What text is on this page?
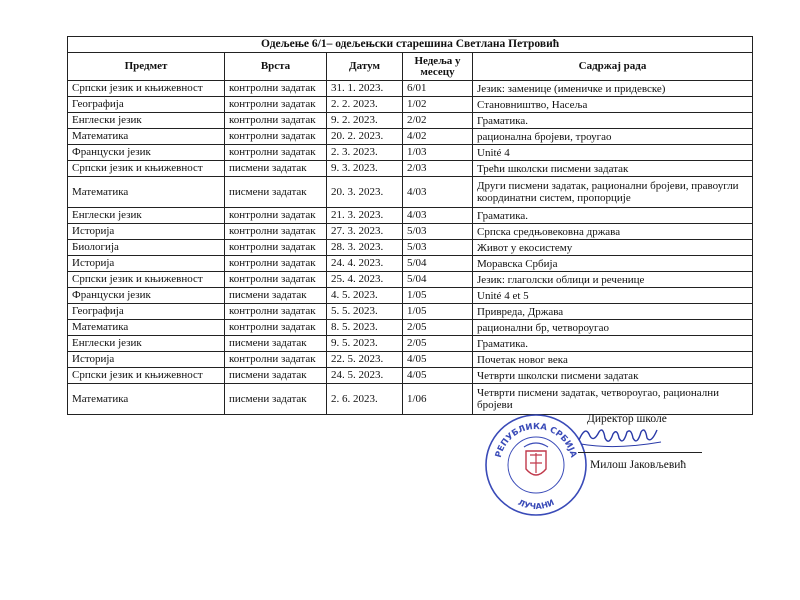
Одељење 6/1– одељењски старешина Светлана Петровић				
Предмет	Врста	Датум	Недеља у месецу	Садржај рада
Српски језик и књижевност	контролни задатак	31. 1. 2023.	6/01	Језик: заменице (именичке и придевске)
Географија	контролни задатак	2. 2. 2023.	1/02	Становништво, Насеља
Енглески језик	контролни задатак	9. 2. 2023.	2/02	Граматика.
Математика	контролни задатак	20. 2. 2023.	4/02	рационална бројеви, троугао
Француски језик	контролни задатак	2. 3. 2023.	1/03	Unité 4
Српски језик и књижевност	писмени задатак	9. 3. 2023.	2/03	Трећи школски писмени задатак
Математика	писмени задатак	20. 3. 2023.	4/03	Други писмени задатак, рационални бројеви, правоугли координатни систем, пропорције
Енглески језик	контролни задатак	21. 3. 2023.	4/03	Граматика.
Историја	контролни задатак	27. 3. 2023.	5/03	Српска средњовековна држава
Биологија	контролни задатак	28. 3. 2023.	5/03	Живот у екосистему
Историја	контролни задатак	24. 4. 2023.	5/04	Моравска Србија
Српски језик и књижевност	контролни задатак	25. 4. 2023.	5/04	Језик: глаголски облици и реченице
Француски језик	писмени задатак	4. 5. 2023.	1/05	Unité 4 et 5
Географија	контролни задатак	5. 5. 2023.	1/05	Привреда, Држава
Математика	контролни задатак	8. 5. 2023.	2/05	рационални бр, четвороугао
Енглески језик	писмени задатак	9. 5. 2023.	2/05	Граматика.
Историја	контролни задатак	22. 5. 2023.	4/05	Почетак новог века
Српски језик и књижевност	писмени задатак	24. 5. 2023.	4/05	Четврти школски писмени задатак
Математика	писмени задатак	2. 6. 2023.	1/06	Четврти писмени задатак, четвороугао, рационални бројеви
РЕПУБЛИКА СРБИЈА
ЛУЧАНИ
Директор школе
Милош Јаковљевић
